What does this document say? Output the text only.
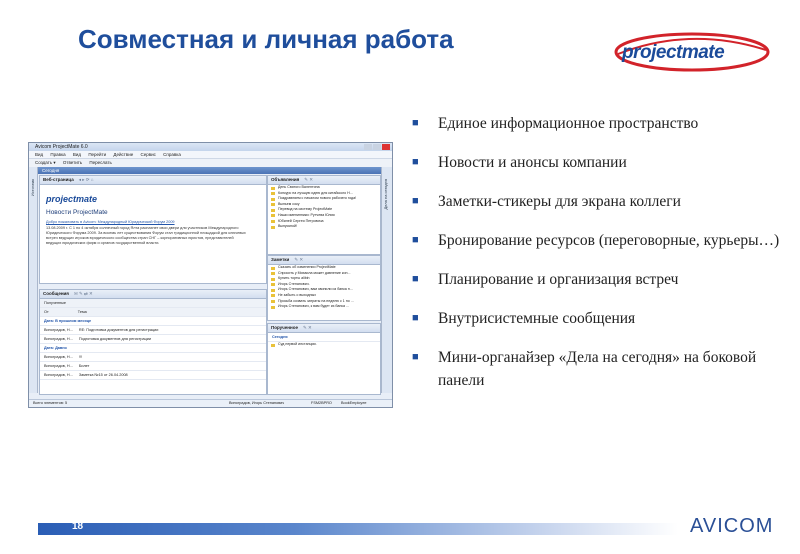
Совместная и личная работа	projectmate
Avicom ProjectMate 6.0
Вид Правка Вид Перейти Действие Сервис Справка
Создать ▾ Ответить Переслать
Источник
Сегодня
Веб-страница ◂ ▸ ⟳ ⌂
projectmate
Новости ProjectMate
Добро пожаловать в Avicom: Международный Юридический Форум 2009
13.08.2009 г. С 1 по 4 октября солнечный город Ялта распахнет свои двери для участников Международного Юридического Форума 2009. За восемь лет существования Форум стал традиционной площадкой для ключевых встреч ведущих игроков юридического сообщества стран СНГ – корпоративных юристов, представителей ведущих юридических фирм и органов государственной власти.
Сообщения ✉ ✎ ⇄ ✕
Полученные
От	Тема
Дата: В прошлом месяце
Виноградов, Н... RE: Подготовка документов для регистрации
Виноградов, Н... Подготовка документов для регистрации
Дата: Давно
Виноградов, Н... !!!
Виноградов, Н... Билет
Виноградов, Н... Заметка №15 от 26.04.2008
Объявления ✎ ✕
День Святого Валентина
Конкурс на лучшую идею для китайского Н...
Поздравляем с началом нового рабочего года!
Выпьем соку
Перевод на систему ProjectMate
Наши именинники: Рутчева Юлия
Юбилей Сергея Петровича
Выпускной!
Заметки ✎ ✕
Сказать об изменении ProjectMate
Спросить у Михаила может давление кон...
Купить торты alibin
Игорь Степанович.
Игорь Степанович, вам звонили из банка н...
Не забыть о выходных
Просьба созвать затраты на неделю с 1 по ...
Игорь Степанович, к вам будет из банка ...
Порученное ✎ ✕
Сегодня
Суд первой инстанции.
Дела на сегодня
Всего элементов: 5	Виноградов, Игорь Степанович	FSM2BPRO BookEmployee
■ Единое информационное пространство
■ Новости и анонсы компании
■ Заметки-стикеры для экрана коллеги
■ Бронирование ресурсов (переговорные, курьеры…)
■ Планирование и организация встреч
■ Внутрисистемные сообщения
■ Мини-органайзер «Дела на сегодня» на боковой панели
18	AVICOM
